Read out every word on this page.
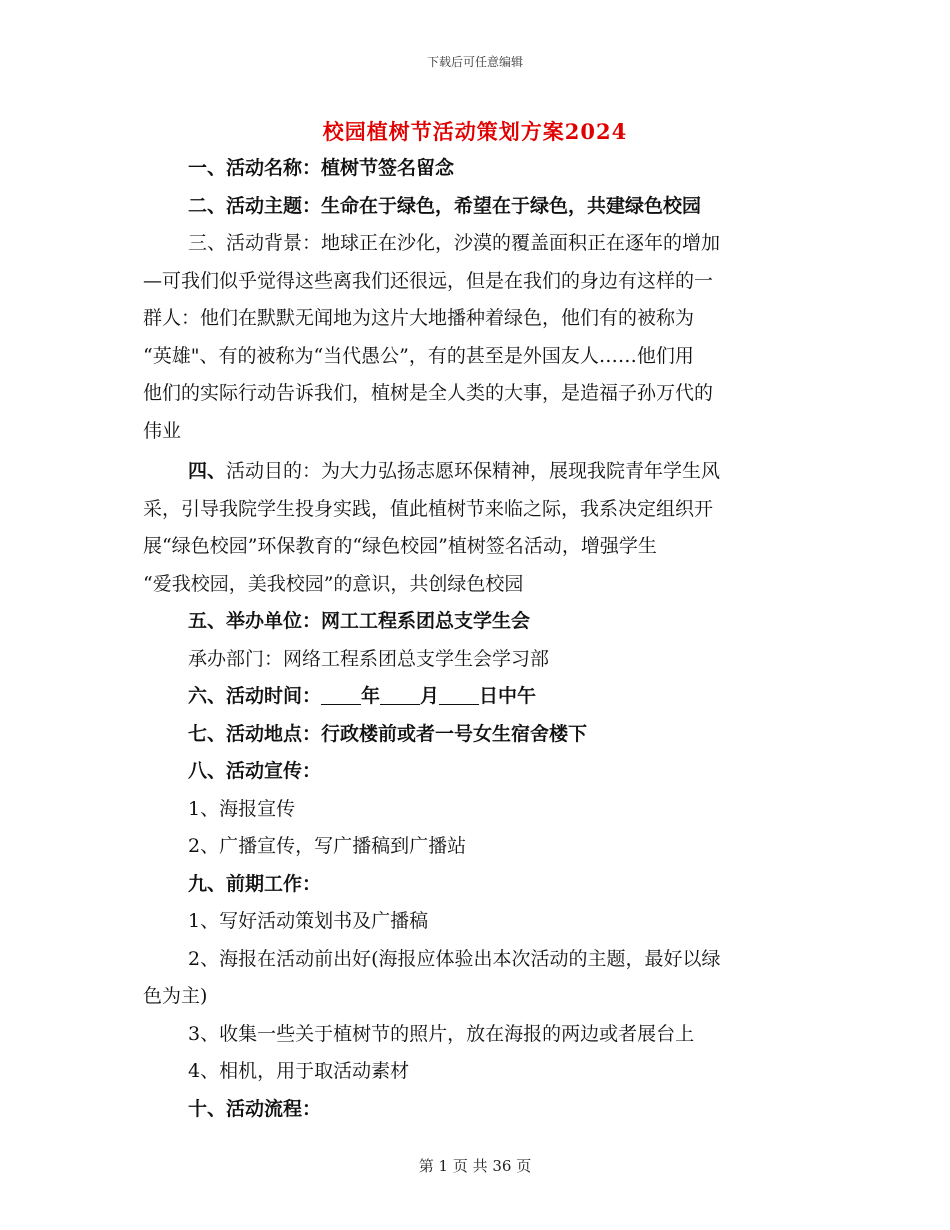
下载后可任意编辑
校园植树节活动策划方案2024

一、活动名称：植树节签名留念

二、活动主题：生命在于绿色，希望在于绿色，共建绿色校园

三、活动背景：地球正在沙化，沙漠的覆盖面积正在逐年的增加

—可我们似乎觉得这些离我们还很远，但是在我们的身边有这样的一

群人：他们在默默无闻地为这片大地播种着绿色，他们有的被称为

“英雄"、有的被称为“当代愚公”，有的甚至是外国友人……他们用

他们的实际行动告诉我们，植树是全人类的大事，是造福子孙万代的

伟业

四、活动目的：为大力弘扬志愿环保精神，展现我院青年学生风

采，引导我院学生投身实践，值此植树节来临之际，我系决定组织开

展“绿色校园”环保教育的“绿色校园”植树签名活动，增强学生

“爱我校园，美我校园”的意识，共创绿色校园

五、举办单位：网工工程系团总支学生会

承办部门：网络工程系团总支学生会学习部

六、活动时间： 年 月 日中午

七、活动地点：行政楼前或者一号女生宿舍楼下

八、活动宣传：

1、海报宣传

2、广播宣传，写广播稿到广播站

九、前期工作：

1、写好活动策划书及广播稿

2、海报在活动前出好(海报应体验出本次活动的主题，最好以绿

色为主)

3、收集一些关于植树节的照片，放在海报的两边或者展台上

4、相机，用于取活动素材

十、活动流程：

第 1 页 共 36 页
